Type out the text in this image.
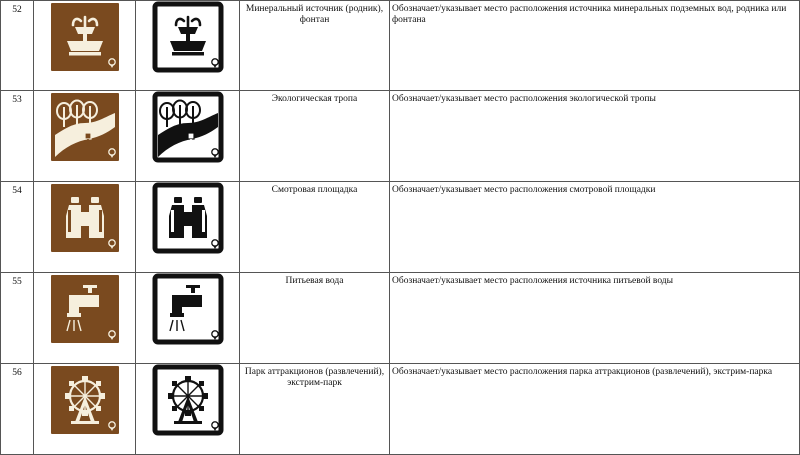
52			Минеральный источник (родник), фонтан	Обозначает/указывает место расположения источника минеральных подземных вод, родника или фонтана
53			Экологическая тропа	Обозначает/указывает место расположения экологической тропы
54			Смотровая площадка	Обозначает/указывает место расположения смотровой площадки
55			Питьевая вода	Обозначает/указывает место расположения источника питьевой воды
56			Парк аттракционов (развлечений), экстрим-парк	Обозначает/указывает место расположения парка аттракционов (развлечений), экстрим-парка
